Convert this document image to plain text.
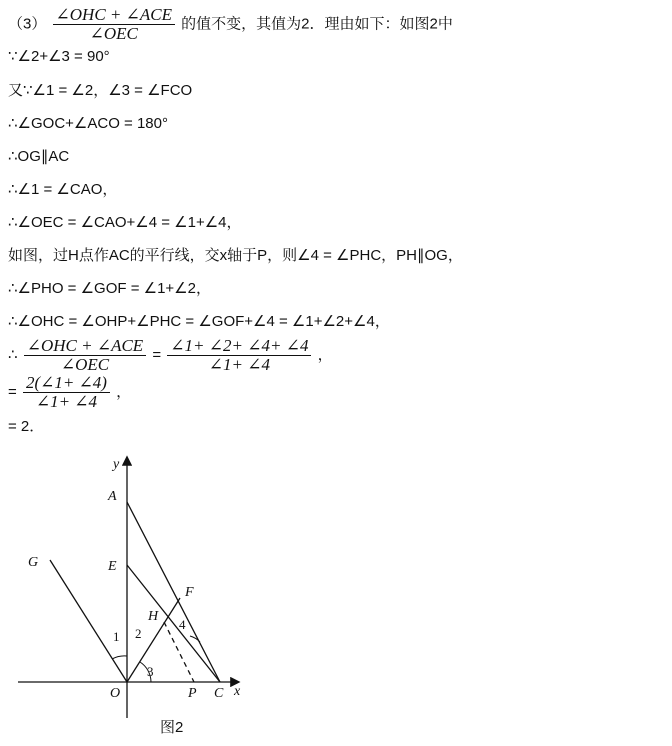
$(3) \frac{\text{∠OHC + ∠ACE}}{\text{∠OEC}}$ 的值不变，其值为2．理由如下：如图2中
∵∠2+∠3 = 90°
又∵∠1 = ∠2，∠3 = ∠FCO
∴∠GOC+∠ACO = 180°
∴OG∥AC
∴∠1 = ∠CAO，
∴∠OEC = ∠CAO+∠4 = ∠1+∠4，
如图，过H点作AC的平行线，交x轴于P，则∠4 = ∠PHC，PH∥OG，
∴∠PHO = ∠GOF = ∠1+∠2，
∴∠OHC = ∠OHP+∠PHC = ∠GOF+∠4 = ∠1+∠2+∠4，
∴ $\frac{\text{∠OHC + ∠ACE}}{\text{∠OEC}} = \frac{\angle 1+ \angle 2+ \angle 4+ \angle 4}{\angle 1+ \angle 4}$ ，
= $\frac{2(\angle 1+ \angle 4)}{\angle 1+ \angle 4}$ ，
= 2．
y
x
A
E
F
G
H
O	P C
1 2
3
4
图2
